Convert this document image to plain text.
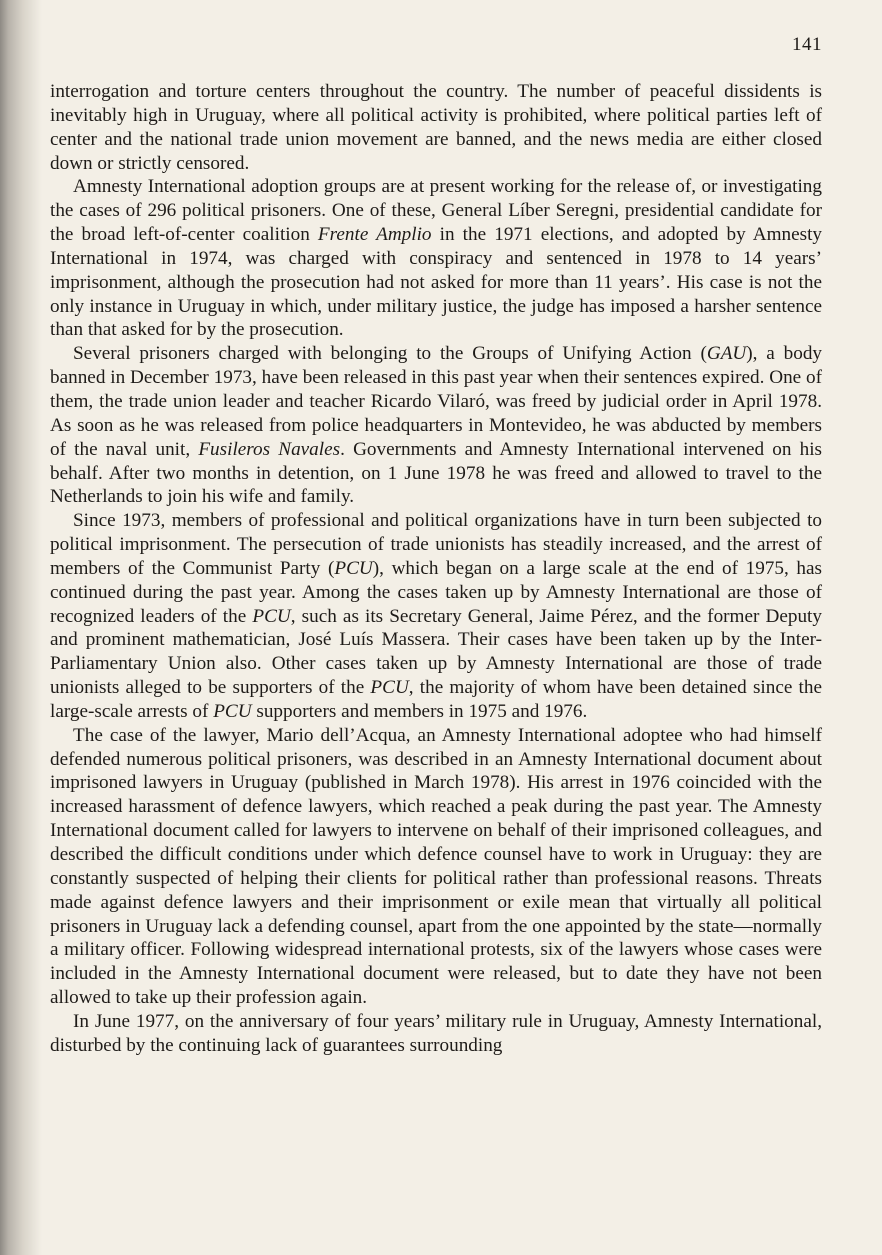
141

interrogation and torture centers throughout the country. The number of peaceful dissidents is inevitably high in Uruguay, where all political activity is prohibited, where political parties left of center and the national trade union movement are banned, and the news media are either closed down or strictly censored.

Amnesty International adoption groups are at present working for the release of, or investigating the cases of 296 political prisoners. One of these, General Líber Seregni, presidential candidate for the broad left-of-center coalition Frente Amplio in the 1971 elections, and adopted by Amnesty International in 1974, was charged with conspiracy and sentenced in 1978 to 14 years’ imprisonment, although the prosecution had not asked for more than 11 years’. His case is not the only instance in Uruguay in which, under military justice, the judge has imposed a harsher sentence than that asked for by the prosecution.

Several prisoners charged with belonging to the Groups of Unifying Action (GAU), a body banned in December 1973, have been released in this past year when their sentences expired. One of them, the trade union leader and teacher Ricardo Vilaró, was freed by judicial order in April 1978. As soon as he was released from police headquarters in Montevideo, he was abducted by members of the naval unit, Fusileros Navales. Governments and Amnesty International intervened on his behalf. After two months in detention, on 1 June 1978 he was freed and allowed to travel to the Netherlands to join his wife and family.

Since 1973, members of professional and political organizations have in turn been subjected to political imprisonment. The persecution of trade unionists has steadily increased, and the arrest of members of the Communist Party (PCU), which began on a large scale at the end of 1975, has continued during the past year. Among the cases taken up by Amnesty International are those of recognized leaders of the PCU, such as its Secretary General, Jaime Pérez, and the former Deputy and prominent mathematician, José Luís Massera. Their cases have been taken up by the Inter-Parliamentary Union also. Other cases taken up by Amnesty International are those of trade unionists alleged to be supporters of the PCU, the majority of whom have been detained since the large-scale arrests of PCU supporters and members in 1975 and 1976.

The case of the lawyer, Mario dell’Acqua, an Amnesty International adoptee who had himself defended numerous political prisoners, was described in an Amnesty International document about imprisoned lawyers in Uruguay (published in March 1978). His arrest in 1976 coincided with the increased harassment of defence lawyers, which reached a peak during the past year. The Amnesty International document called for lawyers to intervene on behalf of their imprisoned colleagues, and described the difficult conditions under which defence counsel have to work in Uruguay: they are constantly suspected of helping their clients for political rather than professional reasons. Threats made against defence lawyers and their imprisonment or exile mean that virtually all political prisoners in Uruguay lack a defending counsel, apart from the one appointed by the state—normally a military officer. Following widespread international protests, six of the lawyers whose cases were included in the Amnesty International document were released, but to date they have not been allowed to take up their profession again.

In June 1977, on the anniversary of four years’ military rule in Uruguay, Amnesty International, disturbed by the continuing lack of guarantees surrounding
